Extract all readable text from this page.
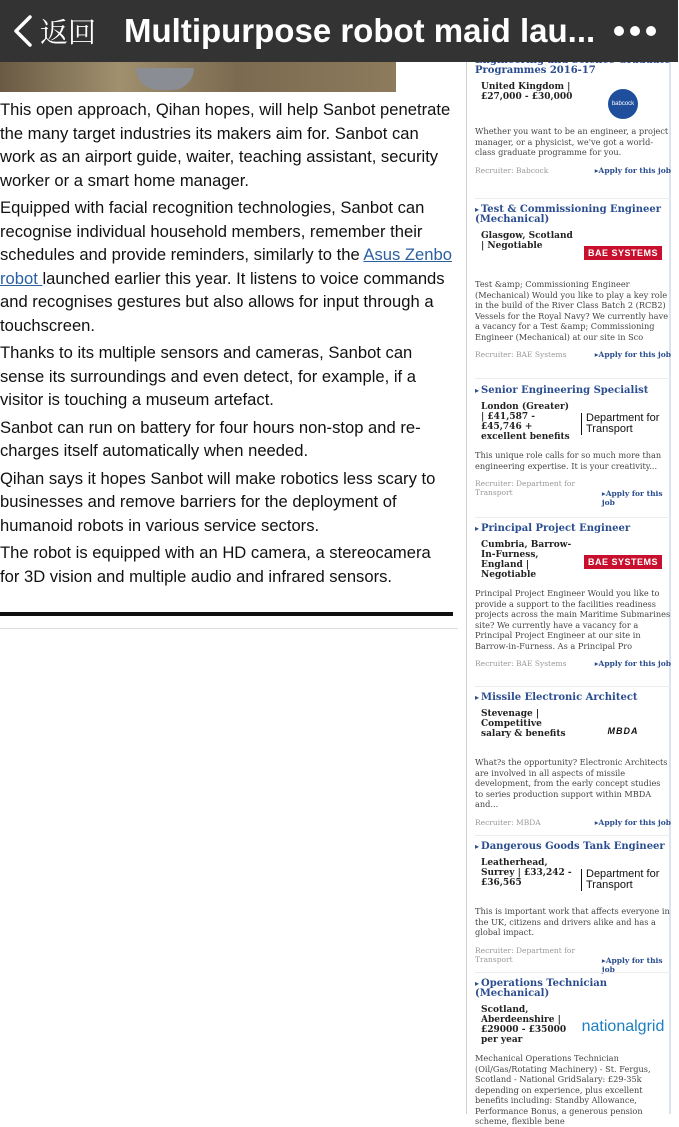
返回 Multipurpose robot maid lau...

This open approach, Qihan hopes, will help Sanbot penetrate the many target industries its makers aim for. Sanbot can work as an airport guide, waiter, teaching assistant, security worker or a smart home manager.

Equipped with facial recognition technologies, Sanbot can recognise individual household members, remember their schedules and provide reminders, similarly to the Asus Zenbo robot launched earlier this year. It listens to voice commands and recognises gestures but also allows for input through a touchscreen.

Thanks to its multiple sensors and cameras, Sanbot can sense its surroundings and even detect, for example, if a visitor is touching a museum artefact.

Sanbot can run on battery for four hours non-stop and re-charges itself automatically when needed.

Qihan says it hopes Sanbot will make robotics less scary to businesses and remove barriers for the deployment of humanoid robots in various service sectors.

The robot is equipped with an HD camera, a stereocamera for 3D vision and multiple audio and infrared sensors.

Programmes 2016-17
United Kingdom | £27,000 - £30,000
babcock
Whether you want to be an engineer, a project manager, or a physicist, we've got a world-class graduate programme for you.
Recruiter: Babcock	▸ Apply for this job
▸ Test & Commissioning Engineer (Mechanical)
Glasgow, Scotland | Negotiable
BAE SYSTEMS
Test &amp; Commissioning Engineer (Mechanical) Would you like to play a key role in the build of the River Class Batch 2 (RCB2) Vessels for the Royal Navy? We currently have a vacancy for a Test &amp; Commissioning Engineer (Mechanical) at our site in Sco
Recruiter: BAE Systems	▸ Apply for this job
▸ Senior Engineering Specialist
London (Greater) | £41,587 - £45,746 + excellent benefits
Department for Transport
This unique role calls for so much more than engineering expertise. It is your creativity...
Recruiter: Department for Transport	▸ Apply for this job
▸ Principal Project Engineer
Cumbria, Barrow-In-Furness, England | Negotiable
BAE SYSTEMS
Principal Project Engineer Would you like to provide a support to the facilities readiness projects across the main Maritime Submarines site? We currently have a vacancy for a Principal Project Engineer at our site in Barrow-in-Furness. As a Principal Pro
Recruiter: BAE Systems	▸ Apply for this job
▸ Missile Electronic Architect
Stevenage | Competitive salary & benefits	MBDA
What?s the opportunity? Electronic Architects are involved in all aspects of missile development, from the early concept studies to series production support within MBDA and...
Recruiter: MBDA	▸ Apply for this job
▸ Dangerous Goods Tank Engineer
Leatherhead, Surrey | £33,242 - £36,565
Department for Transport
This is important work that affects everyone in the UK, citizens and drivers alike and has a global impact.
Recruiter: Department for Transport	▸ Apply for this job
▸ Operations Technician (Mechanical)
Scotland, Aberdeenshire | £29000 - £35000 per year
nationalgrid
Mechanical Operations Technician (Oil/Gas/Rotating Machinery) - St. Fergus, Scotland - National GridSalary: £29-35k depending on experience, plus excellent benefits including: Standby Allowance, Performance Bonus, a generous pension scheme, flexible bene
